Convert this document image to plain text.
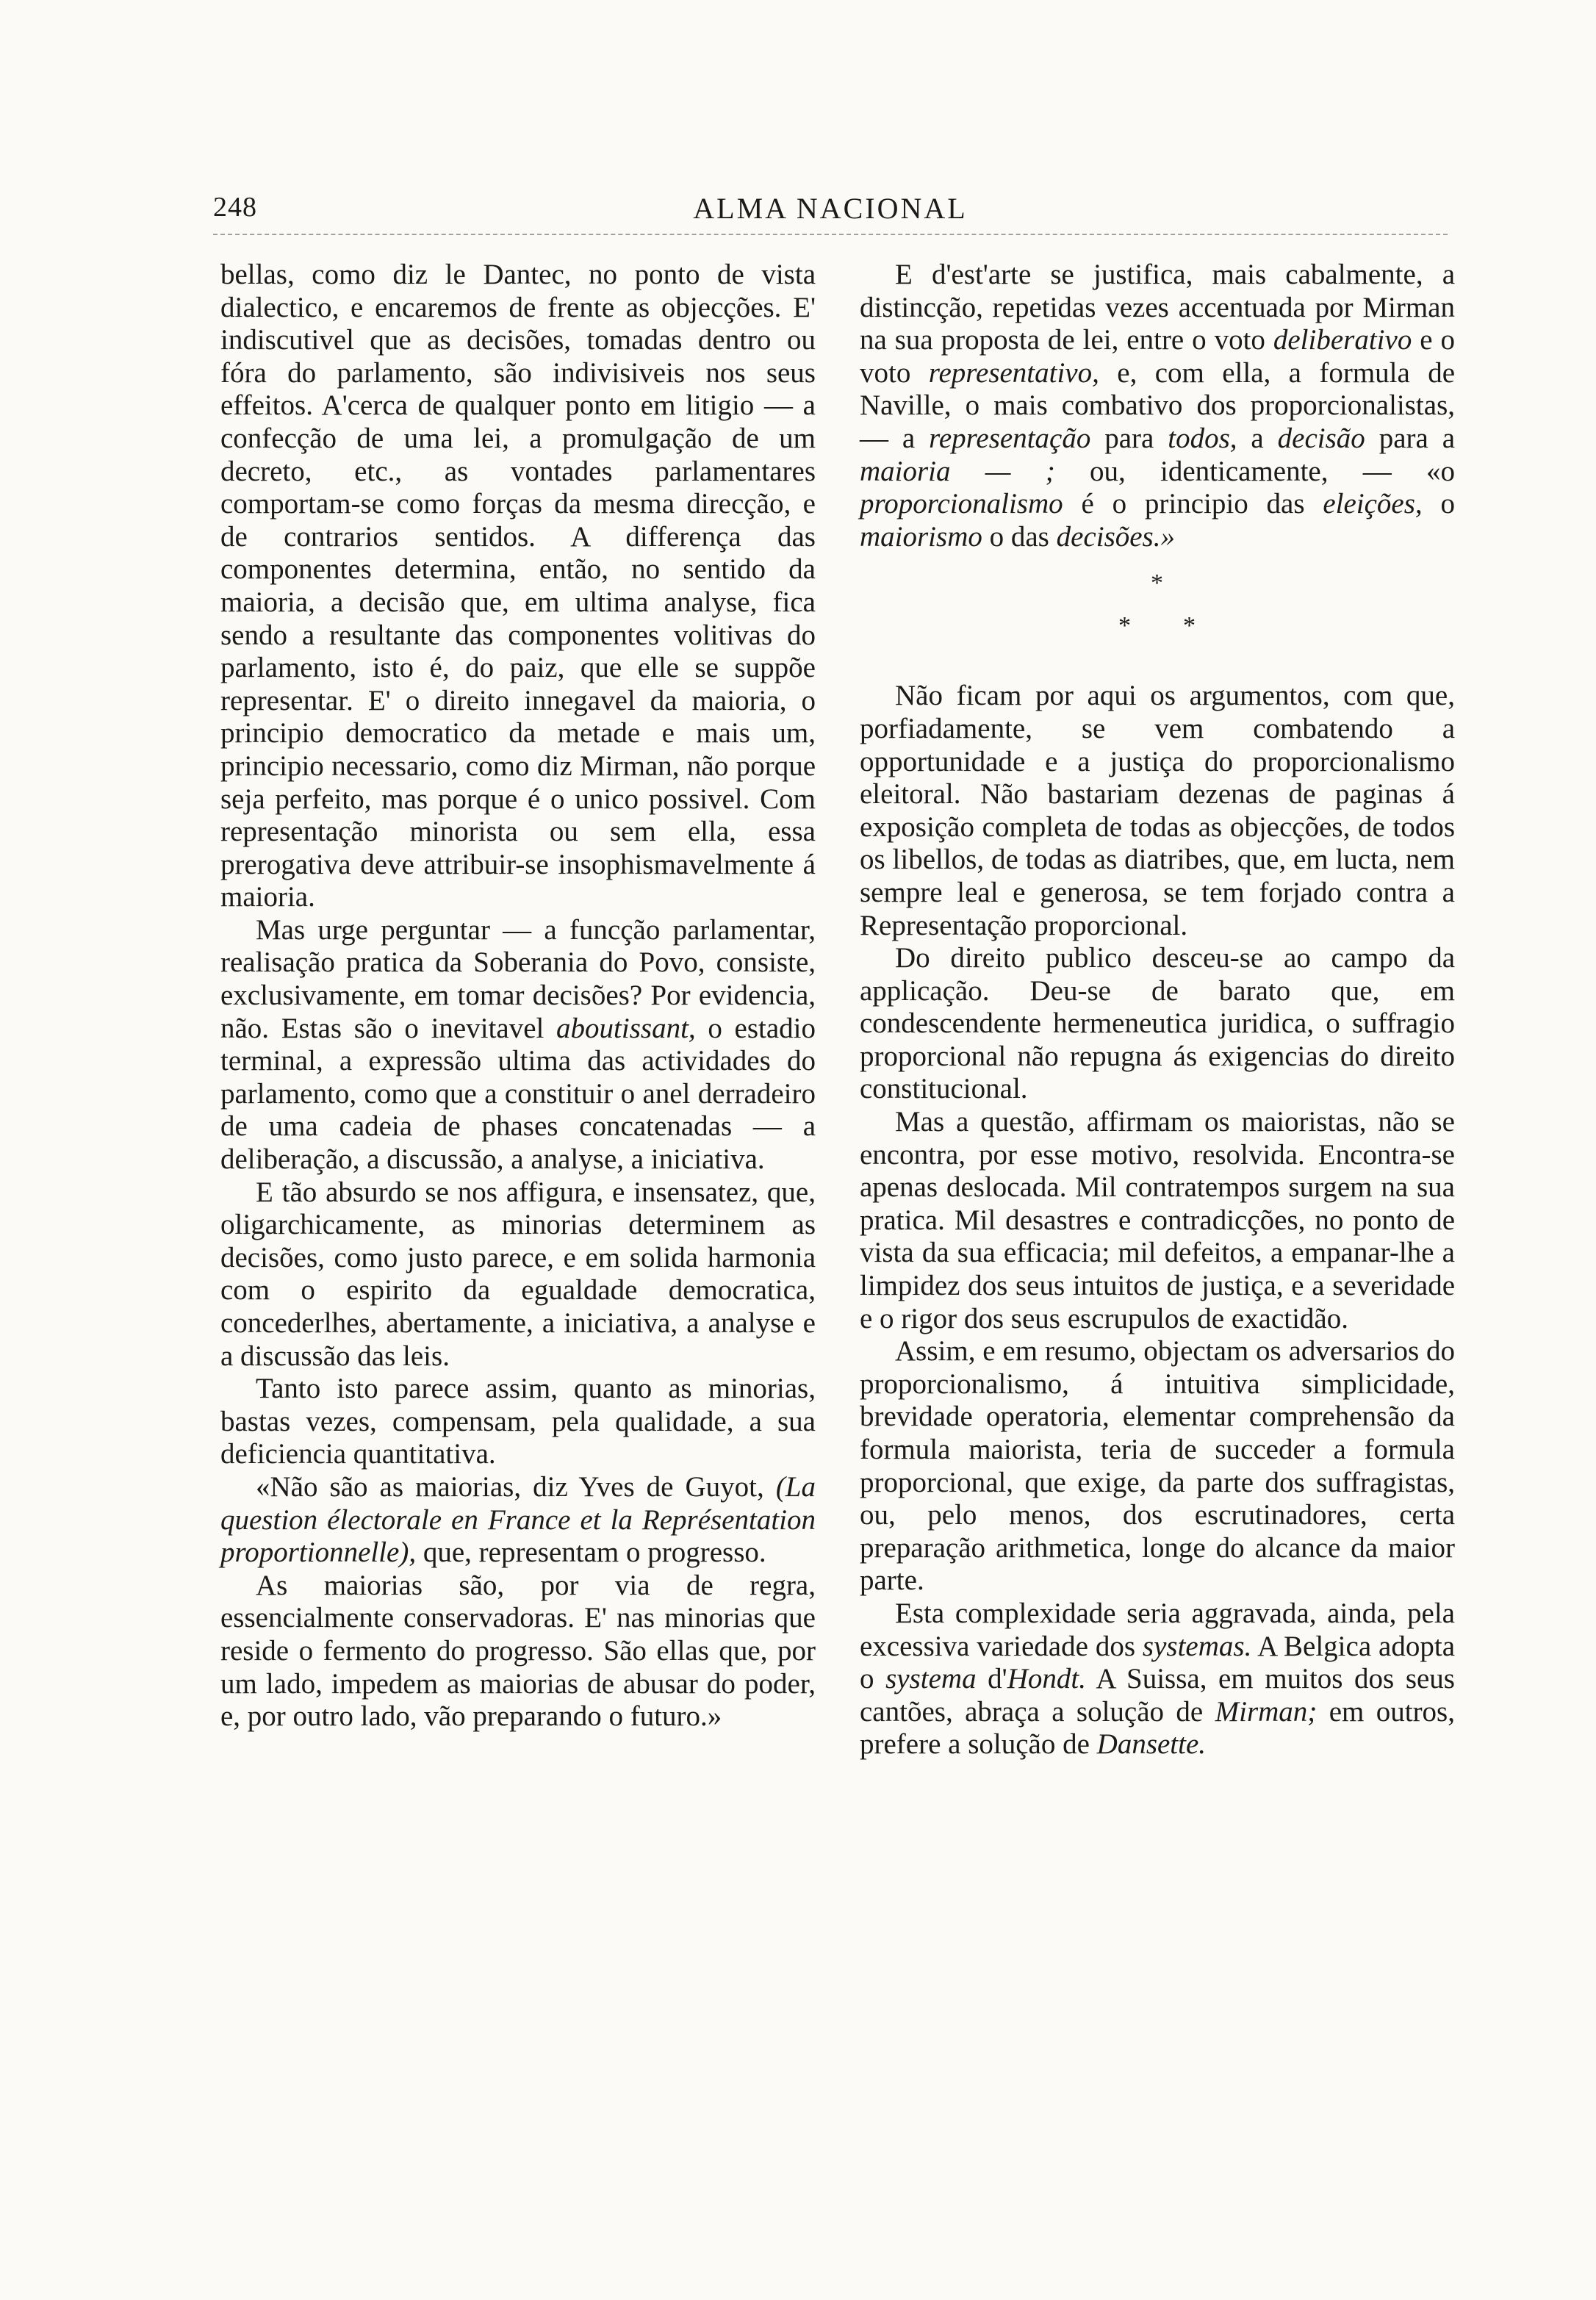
248	ALMA NACIONAL

bellas, como diz le Dantec, no ponto de vista dialectico, e encaremos de frente as objecções. E' indiscutivel que as decisões, tomadas dentro ou fóra do parlamento, são indivisiveis nos seus effeitos. A'cerca de qualquer ponto em litigio — a confecção de uma lei, a promulgação de um decreto, etc., as vontades parlamentares comportam-se como forças da mesma direcção, e de contrarios sentidos. A differença das componentes determina, então, no sentido da maioria, a decisão que, em ultima analyse, fica sendo a resultante das componentes volitivas do parlamento, isto é, do paiz, que elle se suppõe representar. E' o direito innegavel da maioria, o principio democratico da metade e mais um, principio necessario, como diz Mirman, não porque seja perfeito, mas porque é o unico possivel. Com representação minorista ou sem ella, essa prerogativa deve attribuir-se insophismavelmente á maioria.

Mas urge perguntar — a funcção parlamentar, realisação pratica da Soberania do Povo, consiste, exclusivamente, em tomar decisões? Por evidencia, não. Estas são o inevitavel aboutissant, o estadio terminal, a expressão ultima das actividades do parlamento, como que a constituir o anel derradeiro de uma cadeia de phases concatenadas — a deliberação, a discussão, a analyse, a iniciativa.

E tão absurdo se nos affigura, e insensatez, que, oligarchicamente, as minorias determinem as decisões, como justo parece, e em solida harmonia com o espirito da egualdade democratica, concederlhes, abertamente, a iniciativa, a analyse e a discussão das leis.

Tanto isto parece assim, quanto as minorias, bastas vezes, compensam, pela qualidade, a sua deficiencia quantitativa.

«Não são as maiorias, diz Yves de Guyot, (La question électorale en France et la Représentation proportionnelle), que, representam o progresso.

As maiorias são, por via de regra, essencialmente conservadoras. E' nas minorias que reside o fermento do progresso. São ellas que, por um lado, impedem as maiorias de abusar do poder, e, por outro lado, vão preparando o futuro.»

E d'est'arte se justifica, mais cabalmente, a distincção, repetidas vezes accentuada por Mirman na sua proposta de lei, entre o voto deliberativo e o voto representativo, e, com ella, a formula de Naville, o mais combativo dos proporcionalistas, — a representação para todos, a decisão para a maioria — ; ou, identicamente, — «o proporcionalismo é o principio das eleições, o maiorismo o das decisões.»

*
* *

Não ficam por aqui os argumentos, com que, porfiadamente, se vem combatendo a opportunidade e a justiça do proporcionalismo eleitoral. Não bastariam dezenas de paginas á exposição completa de todas as objecções, de todos os libellos, de todas as diatribes, que, em lucta, nem sempre leal e generosa, se tem forjado contra a Representação proporcional.

Do direito publico desceu-se ao campo da applicação. Deu-se de barato que, em condescendente hermeneutica juridica, o suffragio proporcional não repugna ás exigencias do direito constitucional.

Mas a questão, affirmam os maioristas, não se encontra, por esse motivo, resolvida. Encontra-se apenas deslocada. Mil contratempos surgem na sua pratica. Mil desastres e contradicções, no ponto de vista da sua efficacia; mil defeitos, a empanar-lhe a limpidez dos seus intuitos de justiça, e a severidade e o rigor dos seus escrupulos de exactidão.

Assim, e em resumo, objectam os adversarios do proporcionalismo, á intuitiva simplicidade, brevidade operatoria, elementar comprehensão da formula maiorista, teria de succeder a formula proporcional, que exige, da parte dos suffragistas, ou, pelo menos, dos escrutinadores, certa preparação arithmetica, longe do alcance da maior parte.

Esta complexidade seria aggravada, ainda, pela excessiva variedade dos systemas. A Belgica adopta o systema d'Hondt. A Suissa, em muitos dos seus cantões, abraça a solução de Mirman; em outros, prefere a solução de Dansette.
